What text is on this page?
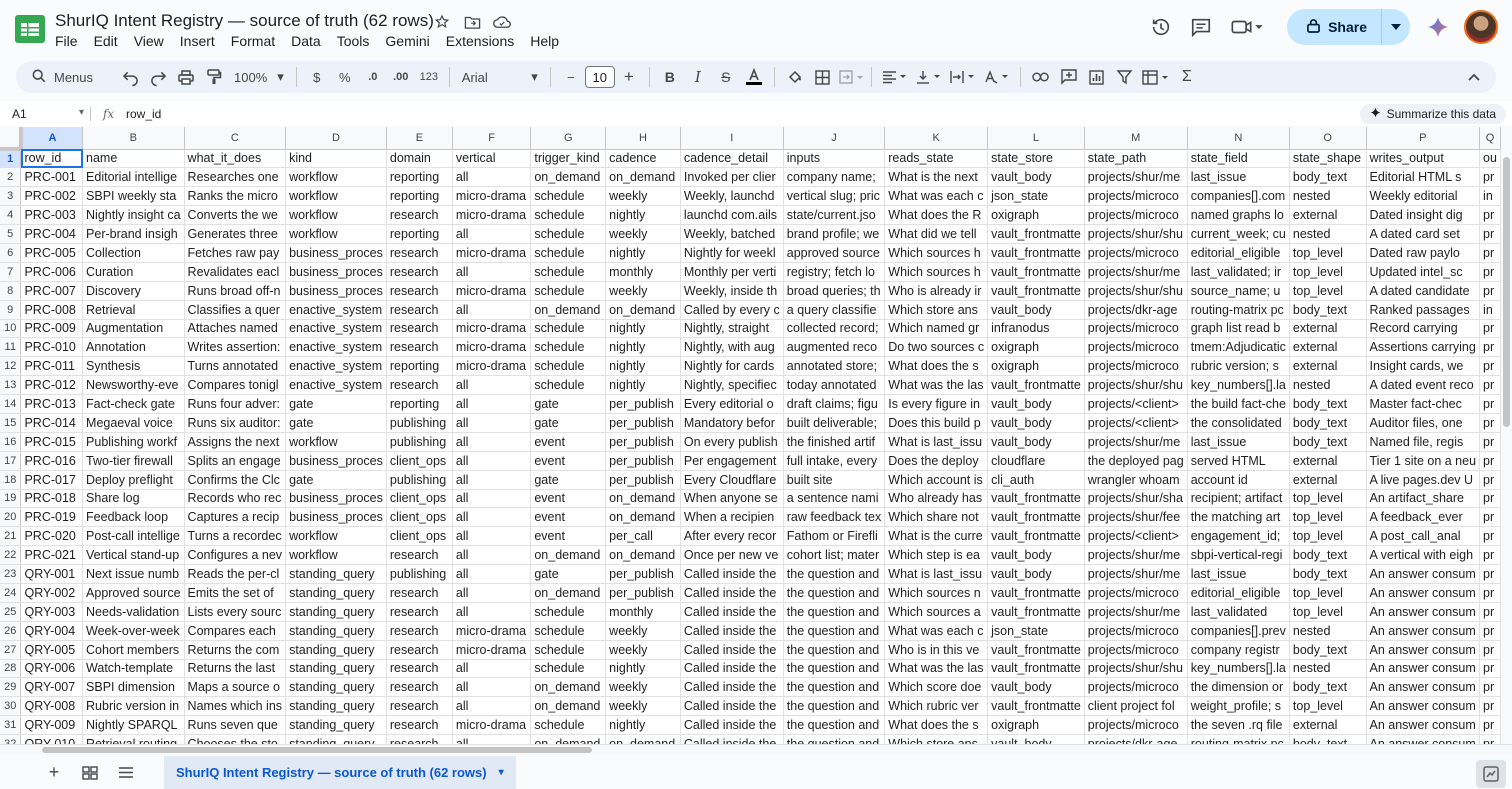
ShurIQ Intent Registry — source of truth (62 rows)
File	Edit	View	Insert	Format	Data	Tools	Gemini	Extensions	Help
Share
Menus	100% ▾	$	%	.0	.00	123	Arial	▾	−	10 +	B	I	S	Σ
A1	▾	fx row_id	Summarize this data
	A	B	C	D	E	F	G	H	I	J	K	L	M	N	O	P	Q
1	row_id	name	what_it_does	kind	domain	vertical	trigger_kind	cadence	cadence_detail	inputs	reads_state	state_store	state_path	state_field	state_shape	writes_output	ou
2	PRC-001	Editorial intellige	Researches one	workflow	reporting	all	on_demand	on_demand	Invoked per clier	company name;	What is the next	vault_body	projects/shur/me	last_issue	body_text	Editorial HTML s	pr
3	PRC-002	SBPI weekly sta	Ranks the micro	workflow	reporting	micro-drama	schedule	weekly	Weekly, launchd	vertical slug; pric	What was each c	json_state	projects/microco	companies[].com	nested	Weekly editorial	in
4	PRC-003	Nightly insight ca	Converts the we	workflow	research	micro-drama	schedule	nightly	launchd com.ails	state/current.jso	What does the R	oxigraph	projects/microco	named graphs lo	external	Dated insight dig	pr
5	PRC-004	Per-brand insigh	Generates three	workflow	reporting	all	schedule	weekly	Weekly, batched	brand profile; we	What did we tell	vault_frontmatte	projects/shur/shu	current_week; cu	nested	A dated card set	pr
6	PRC-005	Collection	Fetches raw pay	business_proces	research	micro-drama	schedule	nightly	Nightly for weekl	approved source	Which sources h	vault_frontmatte	projects/microco	editorial_eligible	top_level	Dated raw paylo	pr
7	PRC-006	Curation	Revalidates eacl	business_proces	research	all	schedule	monthly	Monthly per verti	registry; fetch lo	Which sources h	vault_frontmatte	projects/shur/me	last_validated; ir	top_level	Updated intel_sc	pr
8	PRC-007	Discovery	Runs broad off-n	business_proces	research	micro-drama	schedule	weekly	Weekly, inside th	broad queries; th	Who is already ir	vault_frontmatte	projects/shur/shu	source_name; u	top_level	A dated candidate	pr
9	PRC-008	Retrieval	Classifies a quer	enactive_system	research	all	on_demand	on_demand	Called by every c	a query classifie	Which store ans	vault_body	projects/dkr-age	routing-matrix pc	body_text	Ranked passages	in
10	PRC-009	Augmentation	Attaches named	enactive_system	research	micro-drama	schedule	nightly	Nightly, straight	collected record;	Which named gr	infranodus	projects/microco	graph list read b	external	Record carrying	pr
11	PRC-010	Annotation	Writes assertion:	enactive_system	research	micro-drama	schedule	nightly	Nightly, with aug	augmented reco	Do two sources c	oxigraph	projects/microco	tmem:Adjudicatic	external	Assertions carrying	pr
12	PRC-011	Synthesis	Turns annotated	enactive_system	reporting	micro-drama	schedule	nightly	Nightly for cards	annotated store;	What does the s	oxigraph	projects/microco	rubric version; s	external	Insight cards, we	pr
13	PRC-012	Newsworthy-eve	Compares tonigl	enactive_system	research	all	schedule	nightly	Nightly, specifiec	today annotated	What was the las	vault_frontmatte	projects/shur/shu	key_numbers[].la	nested	A dated event reco	pr
14	PRC-013	Fact-check gate	Runs four adver:	gate	reporting	all	gate	per_publish	Every editorial o	draft claims; figu	Is every figure in	vault_body	projects/<client>	the build fact-che	body_text	Master fact-chec	pr
15	PRC-014	Megaeval voice	Runs six auditor:	gate	publishing	all	gate	per_publish	Mandatory befor	built deliverable;	Does this build p	vault_body	projects/<client>	the consolidated	body_text	Auditor files, one	pr
16	PRC-015	Publishing workf	Assigns the next	workflow	publishing	all	event	per_publish	On every publish	the finished artif	What is last_issu	vault_body	projects/shur/me	last_issue	body_text	Named file, regis	pr
17	PRC-016	Two-tier firewall	Splits an engage	business_proces	client_ops	all	event	per_publish	Per engagement	full intake, every	Does the deploy	cloudflare	the deployed pag	served HTML	external	Tier 1 site on a neu	pr
18	PRC-017	Deploy preflight	Confirms the Clc	gate	publishing	all	gate	per_publish	Every Cloudflare	built site	Which account is	cli_auth	wrangler whoam	account id	external	A live pages.dev U	pr
19	PRC-018	Share log	Records who rec	business_proces	client_ops	all	event	on_demand	When anyone se	a sentence nami	Who already has	vault_frontmatte	projects/shur/sha	recipient; artifact	top_level	An artifact_share	pr
20	PRC-019	Feedback loop	Captures a recip	business_proces	client_ops	all	event	on_demand	When a recipien	raw feedback tex	Which share not	vault_frontmatte	projects/shur/fee	the matching art	top_level	A feedback_ever	pr
21	PRC-020	Post-call intellige	Turns a recordec	workflow	client_ops	all	event	per_call	After every recor	Fathom or Firefli	What is the curre	vault_frontmatte	projects/<client>	engagement_id;	top_level	A post_call_anal	pr
22	PRC-021	Vertical stand-up	Configures a nev	workflow	research	all	on_demand	on_demand	Once per new ve	cohort list; mater	Which step is ea	vault_body	projects/shur/me	sbpi-vertical-regi	body_text	A vertical with eigh	pr
23	QRY-001	Next issue numb	Reads the per-cl	standing_query	publishing	all	gate	per_publish	Called inside the	the question and	What is last_issu	vault_body	projects/shur/me	last_issue	body_text	An answer consum	pr
24	QRY-002	Approved source	Emits the set of	standing_query	research	all	on_demand	per_publish	Called inside the	the question and	Which sources n	vault_frontmatte	projects/microco	editorial_eligible	top_level	An answer consum	pr
25	QRY-003	Needs-validation	Lists every sourc	standing_query	research	all	schedule	monthly	Called inside the	the question and	Which sources a	vault_frontmatte	projects/shur/me	last_validated	top_level	An answer consum	pr
26	QRY-004	Week-over-week	Compares each	standing_query	research	micro-drama	schedule	weekly	Called inside the	the question and	What was each c	json_state	projects/microco	companies[].prev	nested	An answer consum	pr
27	QRY-005	Cohort members	Returns the com	standing_query	research	micro-drama	schedule	weekly	Called inside the	the question and	Who is in this ve	vault_frontmatte	projects/microco	company registr	body_text	An answer consum	pr
28	QRY-006	Watch-template	Returns the last	standing_query	research	all	schedule	nightly	Called inside the	the question and	What was the las	vault_frontmatte	projects/shur/shu	key_numbers[].la	nested	An answer consum	pr
29	QRY-007	SBPI dimension	Maps a source o	standing_query	research	all	on_demand	weekly	Called inside the	the question and	Which score doe	vault_body	projects/microco	the dimension or	body_text	An answer consum	pr
30	QRY-008	Rubric version in	Names which ins	standing_query	research	all	on_demand	weekly	Called inside the	the question and	Which rubric ver	vault_frontmatte	client project fol	weight_profile; s	top_level	An answer consum	pr
31	QRY-009	Nightly SPARQL	Runs seven que	standing_query	research	micro-drama	schedule	nightly	Called inside the	the question and	What does the s	oxigraph	projects/microco	the seven .rq file	external	An answer consum	pr

+	ShurIQ Intent Registry — source of truth (62 rows) ▾
